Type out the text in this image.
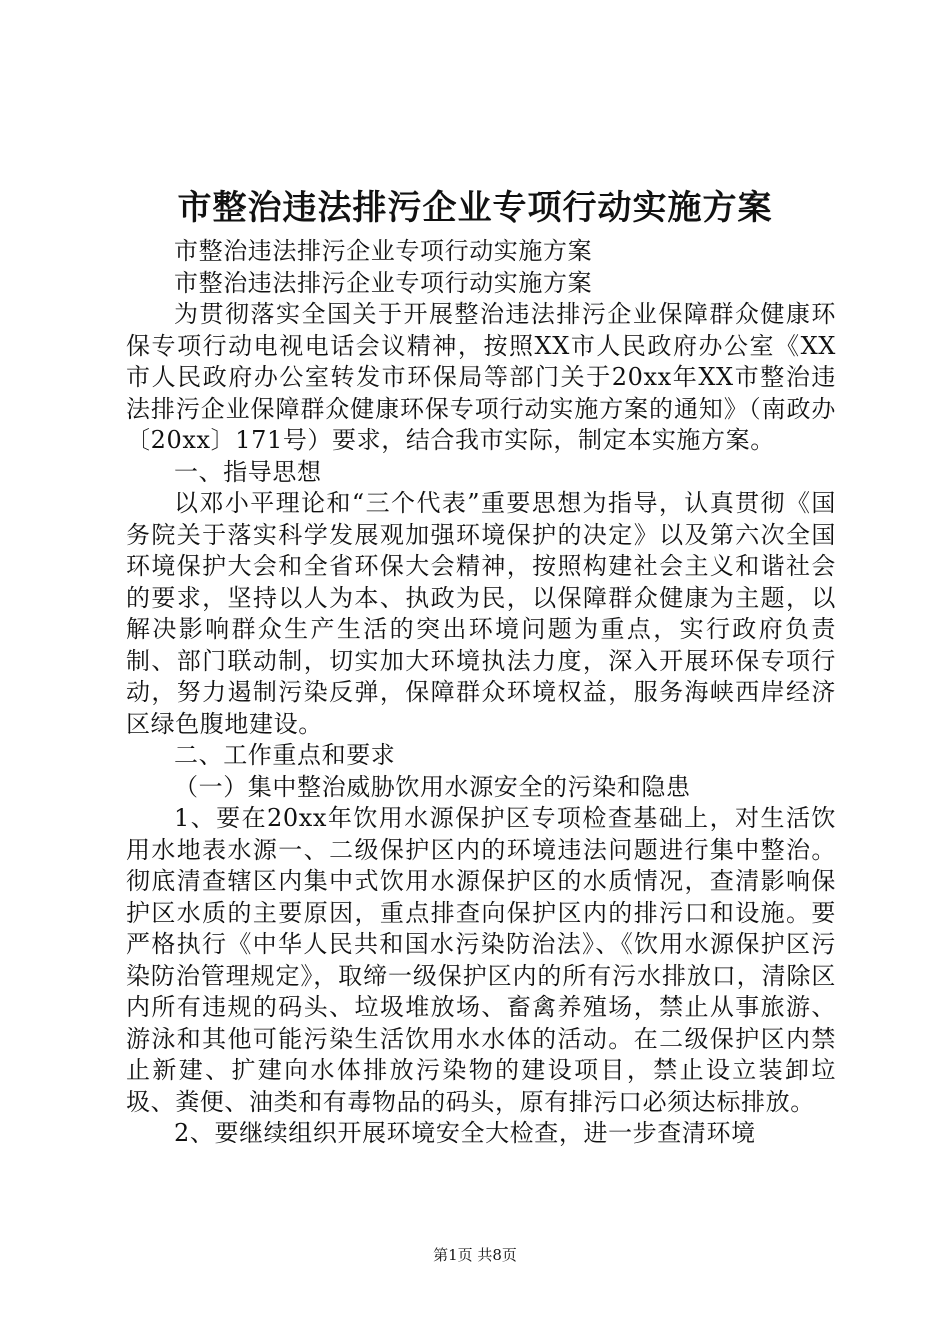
市整治违法排污企业专项行动实施方案

市整治违法排污企业专项行动实施方案

市整治违法排污企业专项行动实施方案

为贯彻落实全国关于开展整治违法排污企业保障群众健康环保专项行动电视电话会议精神，按照XX市人民政府办公室《XX市人民政府办公室转发市环保局等部门关于20xx年XX市整治违法排污企业保障群众健康环保专项行动实施方案的通知》（南政办〔20xx〕171号）要求，结合我市实际，制定本实施方案。

一、指导思想

以邓小平理论和“三个代表”重要思想为指导，认真贯彻《国务院关于落实科学发展观加强环境保护的决定》以及第六次全国环境保护大会和全省环保大会精神，按照构建社会主义和谐社会的要求，坚持以人为本、执政为民，以保障群众健康为主题，以解决影响群众生产生活的突出环境问题为重点，实行政府负责制、部门联动制，切实加大环境执法力度，深入开展环保专项行动，努力遏制污染反弹，保障群众环境权益，服务海峡西岸经济区绿色腹地建设。

二、工作重点和要求

（一）集中整治威胁饮用水源安全的污染和隐患

1、要在20xx年饮用水源保护区专项检查基础上，对生活饮用水地表水源一、二级保护区内的环境违法问题进行集中整治。彻底清查辖区内集中式饮用水源保护区的水质情况，查清影响保护区水质的主要原因，重点排查向保护区内的排污口和设施。要严格执行《中华人民共和国水污染防治法》、《饮用水源保护区污染防治管理规定》，取缔一级保护区内的所有污水排放口，清除区内所有违规的码头、垃圾堆放场、畜禽养殖场，禁止从事旅游、游泳和其他可能污染生活饮用水水体的活动。在二级保护区内禁止新建、扩建向水体排放污染物的建设项目，禁止设立装卸垃圾、粪便、油类和有毒物品的码头，原有排污口必须达标排放。

2、要继续组织开展环境安全大检查，进一步查清环境

第1页 共8页
